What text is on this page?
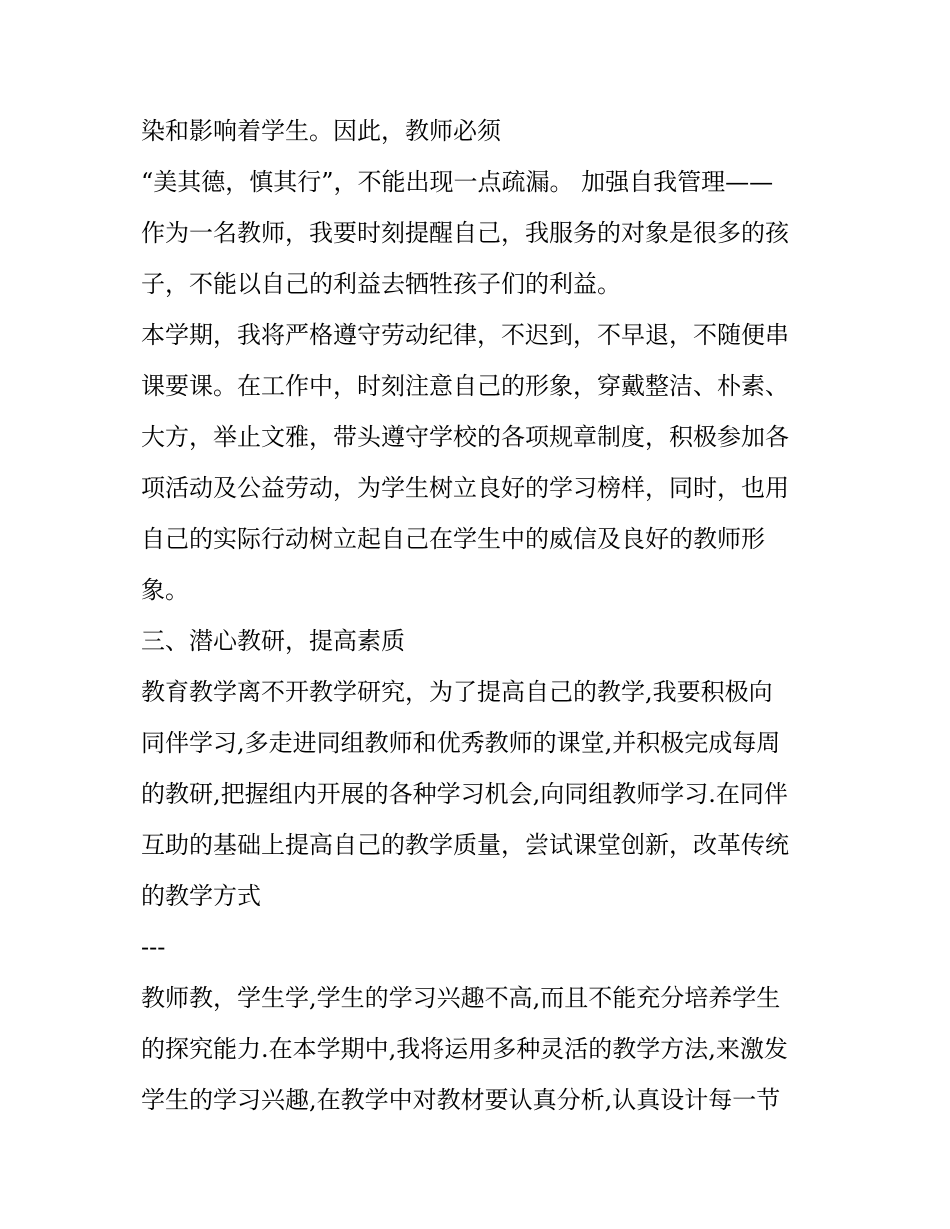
染和影响着学生。因此，教师必须
“美其德，慎其行”，不能出现一点疏漏。 加强自我管理——
作为一名教师，我要时刻提醒自己，我服务的对象是很多的孩
子，不能以自己的利益去牺牲孩子们的利益。
本学期，我将严格遵守劳动纪律，不迟到，不早退，不随便串
课要课。在工作中，时刻注意自己的形象，穿戴整洁、朴素、
大方，举止文雅，带头遵守学校的各项规章制度，积极参加各
项活动及公益劳动，为学生树立良好的学习榜样，同时，也用
自己的实际行动树立起自己在学生中的威信及良好的教师形
象。
三、潜心教研，提高素质
教育教学离不开教学研究，为了提高自己的教学,我要积极向
同伴学习,多走进同组教师和优秀教师的课堂,并积极完成每周
的教研,把握组内开展的各种学习机会,向同组教师学习.在同伴
互助的基础上提高自己的教学质量，尝试课堂创新，改革传统
的教学方式
---
教师教，学生学,学生的学习兴趣不高,而且不能充分培养学生
的探究能力.在本学期中,我将运用多种灵活的教学方法,来激发
学生的学习兴趣,在教学中对教材要认真分析,认真设计每一节
